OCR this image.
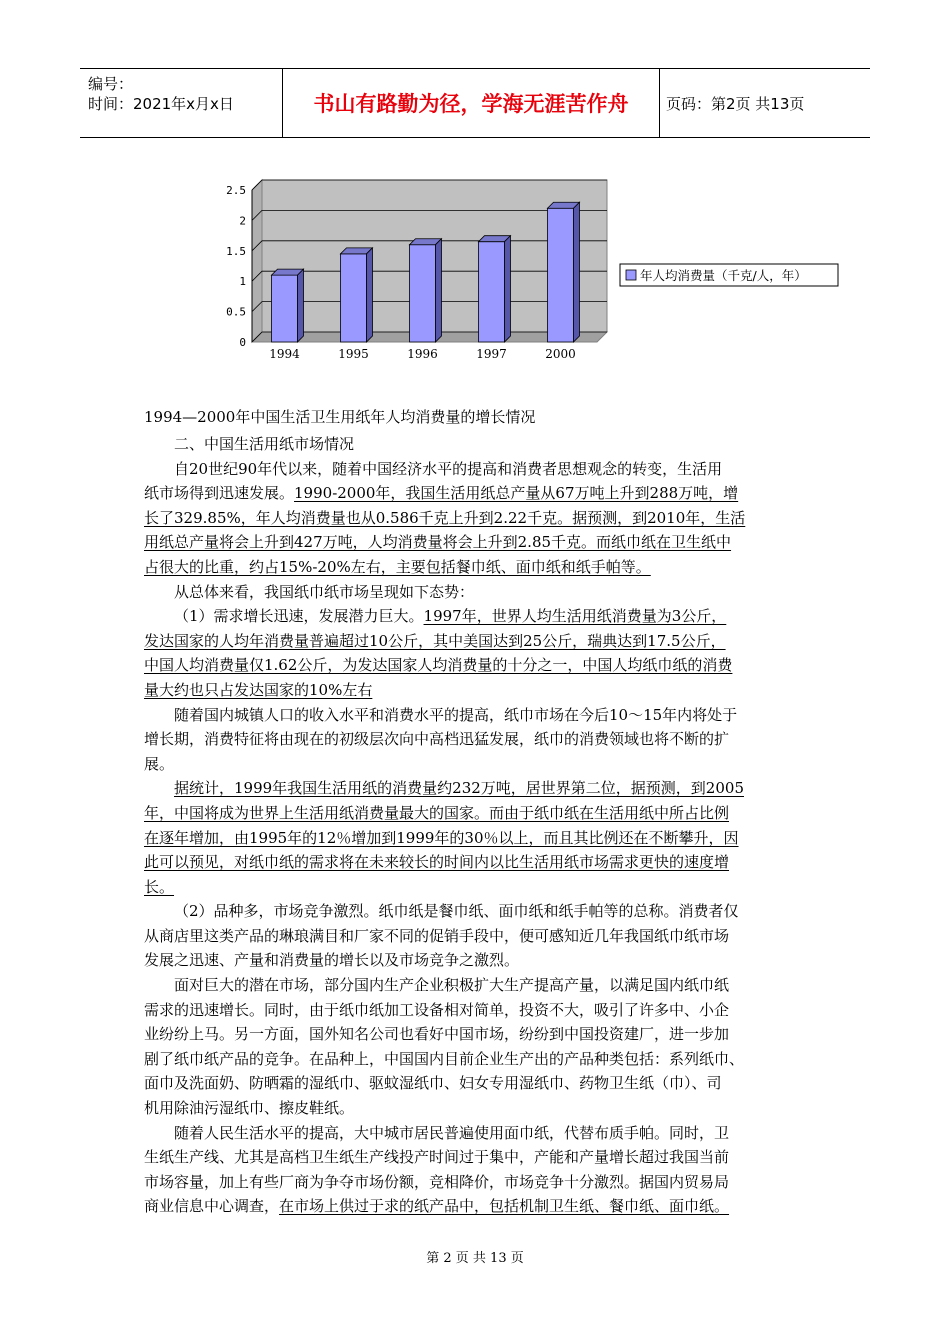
编号：
时间：2021年x月x日	书山有路勤为径，学海无涯苦作舟	页码：第2页 共13页
0
0.5
1
1.5
2
2.5
1994	1995	1996	1997	2000
年人均消费量（千克/人，年）
1994—2000年中国生活卫生用纸年人均消费量的增长情况
二、中国生活用纸市场情况
自20世纪90年代以来，随着中国经济水平的提高和消费者思想观念的转变，生活用
纸市场得到迅速发展。1990-2000年，我国生活用纸总产量从67万吨上升到288万吨，增
长了329.85%，年人均消费量也从0.586千克上升到2.22千克。据预测，到2010年，生活
用纸总产量将会上升到427万吨，人均消费量将会上升到2.85千克。而纸巾纸在卫生纸中
占很大的比重，约占15%-20%左右，主要包括餐巾纸、面巾纸和纸手帕等。
从总体来看，我国纸巾纸市场呈现如下态势：
（1）需求增长迅速，发展潜力巨大。1997年，世界人均生活用纸消费量为3公斤，
发达国家的人均年消费量普遍超过10公斤，其中美国达到25公斤，瑞典达到17.5公斤，
中国人均消费量仅1.62公斤，为发达国家人均消费量的十分之一，中国人均纸巾纸的消费
量大约也只占发达国家的10%左右
随着国内城镇人口的收入水平和消费水平的提高，纸巾市场在今后10～15年内将处于
增长期，消费特征将由现在的初级层次向中高档迅猛发展，纸巾的消费领域也将不断的扩
展。
据统计，1999年我国生活用纸的消费量约232万吨，居世界第二位，据预测，到2005
年，中国将成为世界上生活用纸消费量最大的国家。而由于纸巾纸在生活用纸中所占比例
在逐年增加，由1995年的12％增加到1999年的30％以上，而且其比例还在不断攀升，因
此可以预见，对纸巾纸的需求将在未来较长的时间内以比生活用纸市场需求更快的速度增
长。
（2）品种多，市场竞争激烈。纸巾纸是餐巾纸、面巾纸和纸手帕等的总称。消费者仅
从商店里这类产品的琳琅满目和厂家不同的促销手段中，便可感知近几年我国纸巾纸市场
发展之迅速、产量和消费量的增长以及市场竞争之激烈。
面对巨大的潜在市场，部分国内生产企业积极扩大生产提高产量，以满足国内纸巾纸
需求的迅速增长。同时，由于纸巾纸加工设备相对简单，投资不大，吸引了许多中、小企
业纷纷上马。另一方面，国外知名公司也看好中国市场，纷纷到中国投资建厂，进一步加
剧了纸巾纸产品的竞争。在品种上，中国国内目前企业生产出的产品种类包括：系列纸巾、
面巾及洗面奶、防晒霜的湿纸巾、驱蚊湿纸巾、妇女专用湿纸巾、药物卫生纸（巾）、司
机用除油污湿纸巾、擦皮鞋纸。
随着人民生活水平的提高，大中城市居民普遍使用面巾纸，代替布质手帕。同时，卫
生纸生产线、尤其是高档卫生纸生产线投产时间过于集中，产能和产量增长超过我国当前
市场容量，加上有些厂商为争夺市场份额，竞相降价，市场竞争十分激烈。据国内贸易局
商业信息中心调查，在市场上供过于求的纸产品中，包括机制卫生纸、餐巾纸、面巾纸。
第 2 页 共 13 页
